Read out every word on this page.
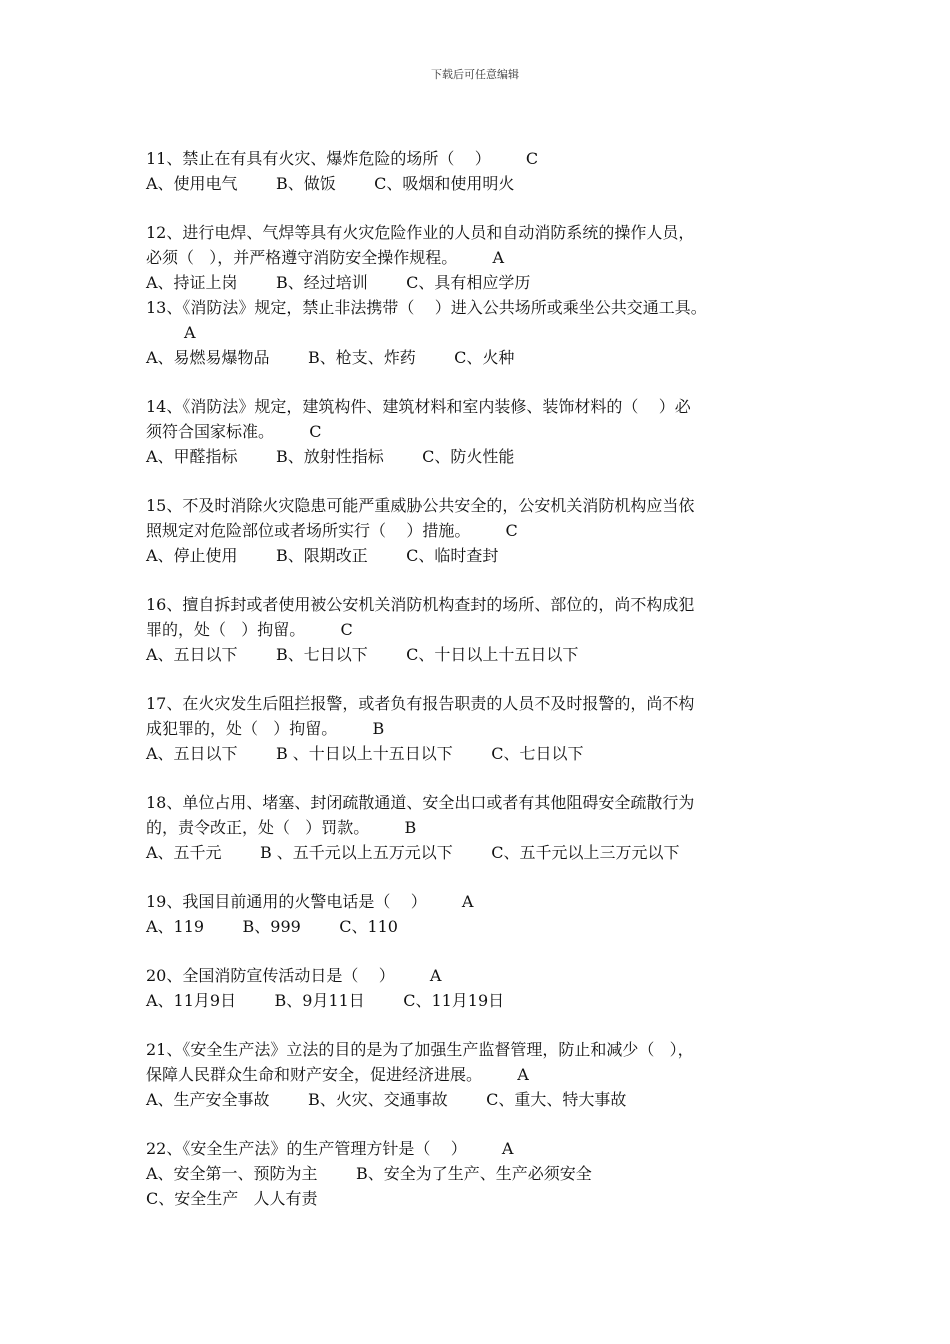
下载后可任意编辑
11、禁止在有具有火灾、爆炸危险的场所（    ） C
A、使用电气 B、做饭 C、吸烟和使用明火
12、进行电焊、气焊等具有火灾危险作业的人员和自动消防系统的操作人员，
必须（   ），并严格遵守消防安全操作规程。 A
A、持证上岗 B、经过培训 C、具有相应学历
13、《消防法》规定，禁止非法携带（    ）进入公共场所或乘坐公共交通工具。
A
A、易燃易爆物品 B、枪支、炸药 C、火种
14、《消防法》规定，建筑构件、建筑材料和室内装修、装饰材料的（    ）必
须符合国家标准。 C
A、甲醛指标 B、放射性指标 C、防火性能
15、不及时消除火灾隐患可能严重威胁公共安全的，公安机关消防机构应当依
照规定对危险部位或者场所实行（    ）措施。 C
A、停止使用 B、限期改正 C、临时查封
16、擅自拆封或者使用被公安机关消防机构查封的场所、部位的，尚不构成犯
罪的，处（   ）拘留。 C
A、五日以下 B、七日以下 C、十日以上十五日以下
17、在火灾发生后阻拦报警，或者负有报告职责的人员不及时报警的，尚不构
成犯罪的，处（   ）拘留。 B
A、五日以下 B 、十日以上十五日以下 C、七日以下
18、单位占用、堵塞、封闭疏散通道、安全出口或者有其他阻碍安全疏散行为
的，责令改正，处（   ）罚款。 B
A、五千元 B 、五千元以上五万元以下 C、五千元以上三万元以下
19、我国目前通用的火警电话是（    ） A
A、119 B、999 C、110
20、全国消防宣传活动日是（    ） A
A、11月9日 B、9月11日 C、11月19日
21、《安全生产法》立法的目的是为了加强生产监督管理，防止和减少（   ），
保障人民群众生命和财产安全，促进经济进展。 A
A、生产安全事故 B、火灾、交通事故 C、重大、特大事故
22、《安全生产法》的生产管理方针是（    ） A
A、安全第一、预防为主 B、安全为了生产、生产必须安全
C、安全生产   人人有责
